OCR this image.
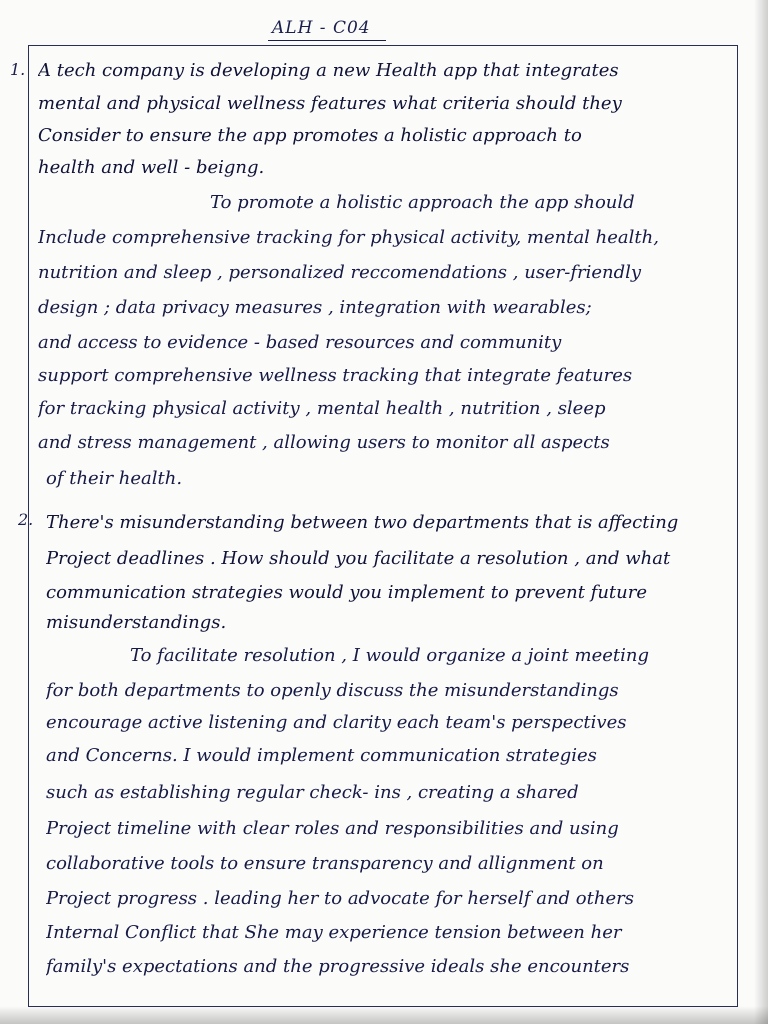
ALH - C04
1. A tech company is developing a new Health app that integrates
mental and physical wellness features what criteria should they
Consider to ensure the app promotes a holistic approach to
health and well - beigng.
To promote a holistic approach the app should
Include comprehensive tracking for physical activity, mental health,
nutrition and sleep , personalized reccomendations , user-friendly
design ; data privacy measures , integration with wearables;
and access to evidence - based resources and community
support comprehensive wellness tracking that integrate features
for tracking physical activity , mental health , nutrition , sleep
and stress management , allowing users to monitor all aspects
of their health.
2. There's misunderstanding between two departments that is affecting
Project deadlines . How should you facilitate a resolution , and what
communication strategies would you implement to prevent future
misunderstandings.
To facilitate resolution , I would organize a joint meeting
for both departments to openly discuss the misunderstandings
encourage active listening and clarity each team's perspectives
and Concerns. I would implement communication strategies
such as establishing regular check- ins , creating a shared
Project timeline with clear roles and responsibilities and using
collaborative tools to ensure transparency and allignment on
Project progress . leading her to advocate for herself and others
Internal Conflict that She may experience tension between her
family's expectations and the progressive ideals she encounters
